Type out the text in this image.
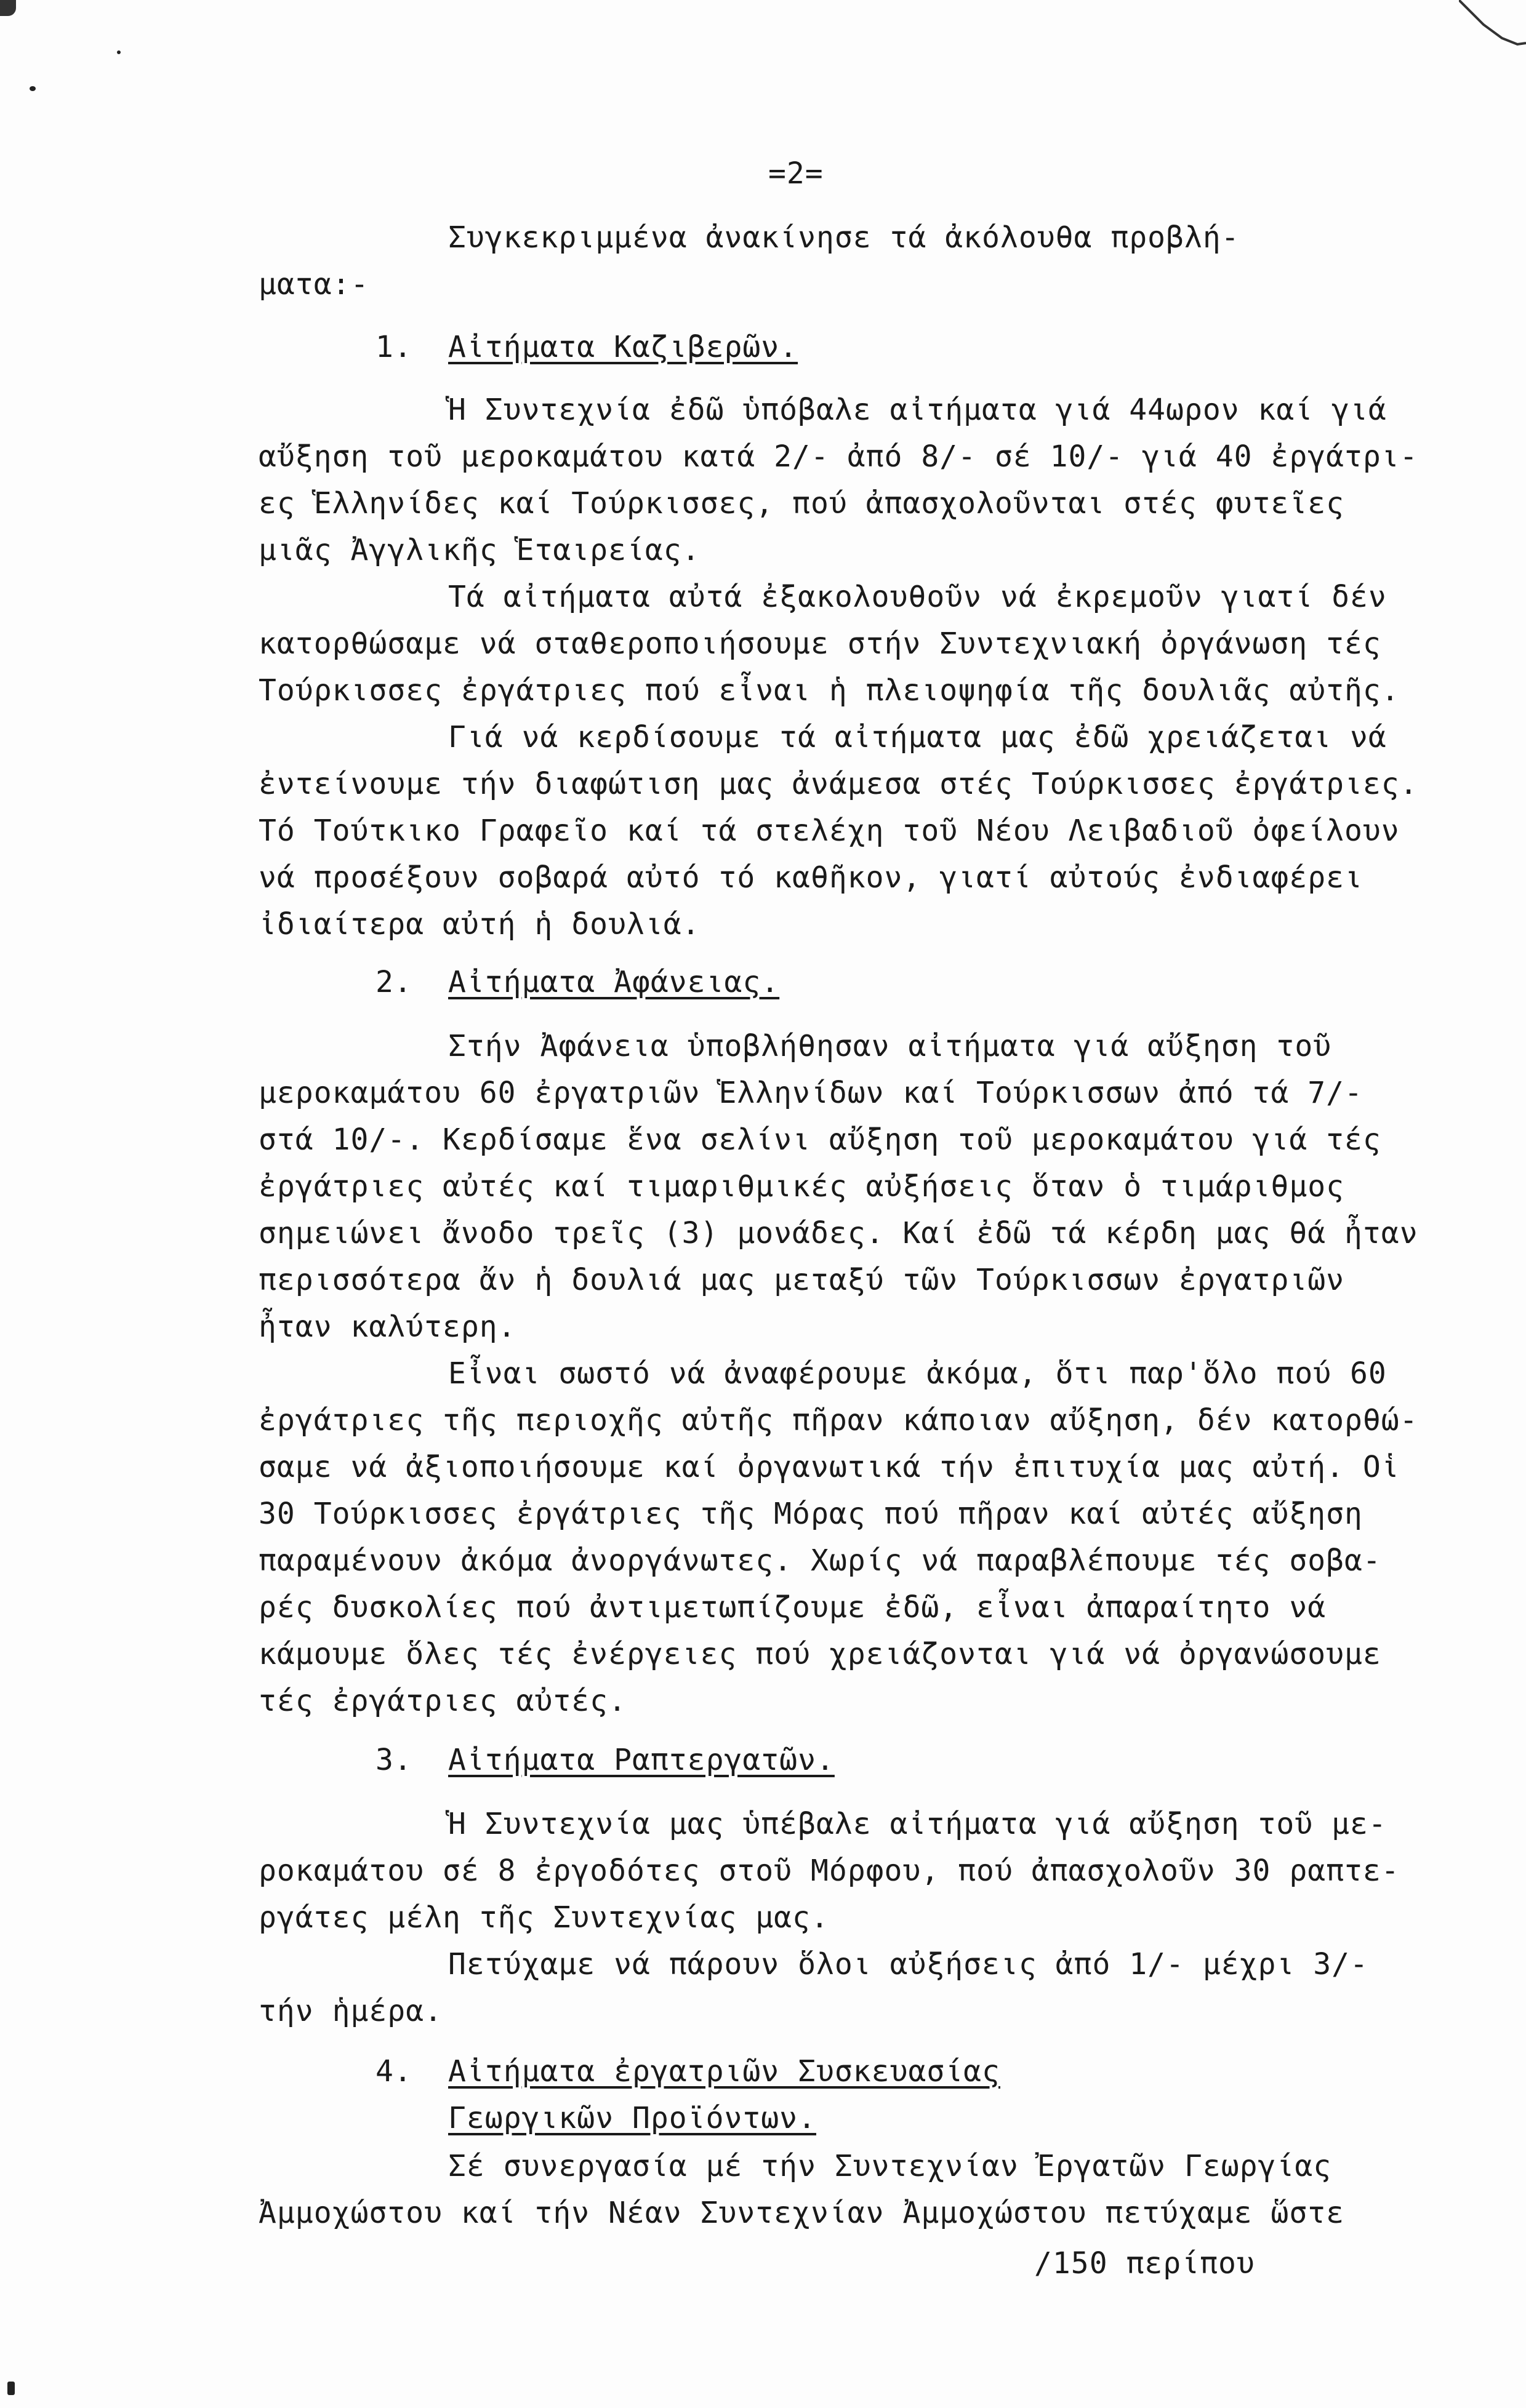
=2=
Συγκεκριμμένα ἀνακίνησε τά ἀκόλουθα προβλή-
ματα:-
1. Αἰτήματα Καζιβερῶν.
Ἡ Συντεχνία ἐδῶ ὑπόβαλε αἰτήματα γιά 44ωρον καί γιά
αὔξηση τοῦ μεροκαμάτου κατά 2/- ἀπό 8/- σέ 10/- γιά 40 ἐργάτρι-
ες Ἑλληνίδες καί Τούρκισσες, πού ἀπασχολοῦνται στές φυτεῖες
μιᾶς Ἀγγλικῆς Ἑταιρείας.
Τά αἰτήματα αὐτά ἐξακολουθοῦν νά ἐκρεμοῦν γιατί δέν
κατορθώσαμε νά σταθεροποιήσουμε στήν Συντεχνιακή ὀργάνωση τές
Τούρκισσες ἐργάτριες πού εἶναι ἡ πλειοψηφία τῆς δουλιᾶς αὐτῆς.
Γιά νά κερδίσουμε τά αἰτήματα μας ἐδῶ χρειάζεται νά
ἐντείνουμε τήν διαφώτιση μας ἀνάμεσα στές Τούρκισσες ἐργάτριες.
Τό Τούτκικο Γραφεῖο καί τά στελέχη τοῦ Νέου Λειβαδιοῦ ὀφείλουν
νά προσέξουν σοβαρά αὐτό τό καθῆκον, γιατί αὐτούς ἐνδιαφέρει
ἰδιαίτερα αὐτή ἡ δουλιά.
2. Αἰτήματα Ἀφάνειας.
Στήν Ἀφάνεια ὑποβλήθησαν αἰτήματα γιά αὔξηση τοῦ
μεροκαμάτου 60 ἐργατριῶν Ἑλληνίδων καί Τούρκισσων ἀπό τά 7/-
στά 10/-. Κερδίσαμε ἕνα σελίνι αὔξηση τοῦ μεροκαμάτου γιά τές
ἐργάτριες αὐτές καί τιμαριθμικές αὐξήσεις ὅταν ὁ τιμάριθμος
σημειώνει ἄνοδο τρεῖς (3) μονάδες. Καί ἐδῶ τά κέρδη μας θά ἦταν
περισσότερα ἄν ἡ δουλιά μας μεταξύ τῶν Τούρκισσων ἐργατριῶν
ἦταν καλύτερη.
Εἶναι σωστό νά ἀναφέρουμε ἀκόμα, ὅτι παρ'ὅλο πού 60
ἐργάτριες τῆς περιοχῆς αὐτῆς πῆραν κάποιαν αὔξηση, δέν κατορθώ-
σαμε νά ἀξιοποιήσουμε καί ὀργανωτικά τήν ἐπιτυχία μας αὐτή. Οἱ
30 Τούρκισσες ἐργάτριες τῆς Μόρας πού πῆραν καί αὐτές αὔξηση
παραμένουν ἀκόμα ἀνοργάνωτες. Χωρίς νά παραβλέπουμε τές σοβα-
ρές δυσκολίες πού ἀντιμετωπίζουμε ἐδῶ, εἶναι ἀπαραίτητο νά
κάμουμε ὅλες τές ἐνέργειες πού χρειάζονται γιά νά ὀργανώσουμε
τές ἐργάτριες αὐτές.
3. Αἰτήματα Ραπτεργατῶν.
Ἡ Συντεχνία μας ὑπέβαλε αἰτήματα γιά αὔξηση τοῦ με-
ροκαμάτου σέ 8 ἐργοδότες στοῦ Μόρφου, πού ἀπασχολοῦν 30 ραπτε-
ργάτες μέλη τῆς Συντεχνίας μας.
Πετύχαμε νά πάρουν ὅλοι αὐξήσεις ἀπό 1/- μέχρι 3/-
τήν ἡμέρα.
4. Αἰτήματα ἐργατριῶν Συσκευασίας
Γεωργικῶν Προϊόντων.
Σέ συνεργασία μέ τήν Συντεχνίαν Ἐργατῶν Γεωργίας
Ἀμμοχώστου καί τήν Νέαν Συντεχνίαν Ἀμμοχώστου πετύχαμε ὥστε
/150 περίπου
